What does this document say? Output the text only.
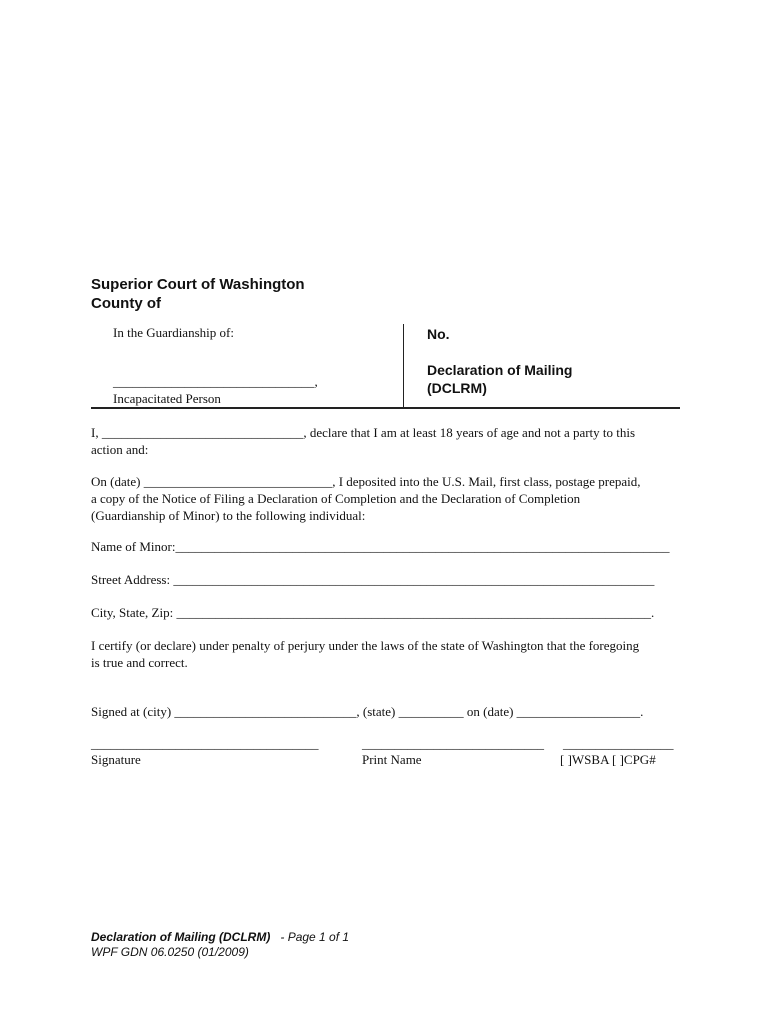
Superior Court of Washington
County of
In the Guardianship of:
_______________________________,
Incapacitated Person
No.
Declaration of Mailing
(DCLRM)
I, _______________________________, declare that I am at least 18 years of age and not a party to this
action and:
On (date) _____________________________, I deposited into the U.S. Mail, first class, postage prepaid,
a copy of the Notice of Filing a Declaration of Completion and the Declaration of Completion
(Guardianship of Minor) to the following individual:
Name of Minor:____________________________________________________________________________
Street Address: __________________________________________________________________________
City, State, Zip: _________________________________________________________________________.
I certify (or declare) under penalty of perjury under the laws of the state of Washington that the foregoing
is true and correct.
Signed at (city) ____________________________, (state) __________ on (date) ___________________.
___________________________________	____________________________ _________________
Signature	Print Name	[ ]WSBA [ ]CPG#
Declaration of Mailing (DCLRM) - Page 1 of 1
WPF GDN 06.0250 (01/2009)
